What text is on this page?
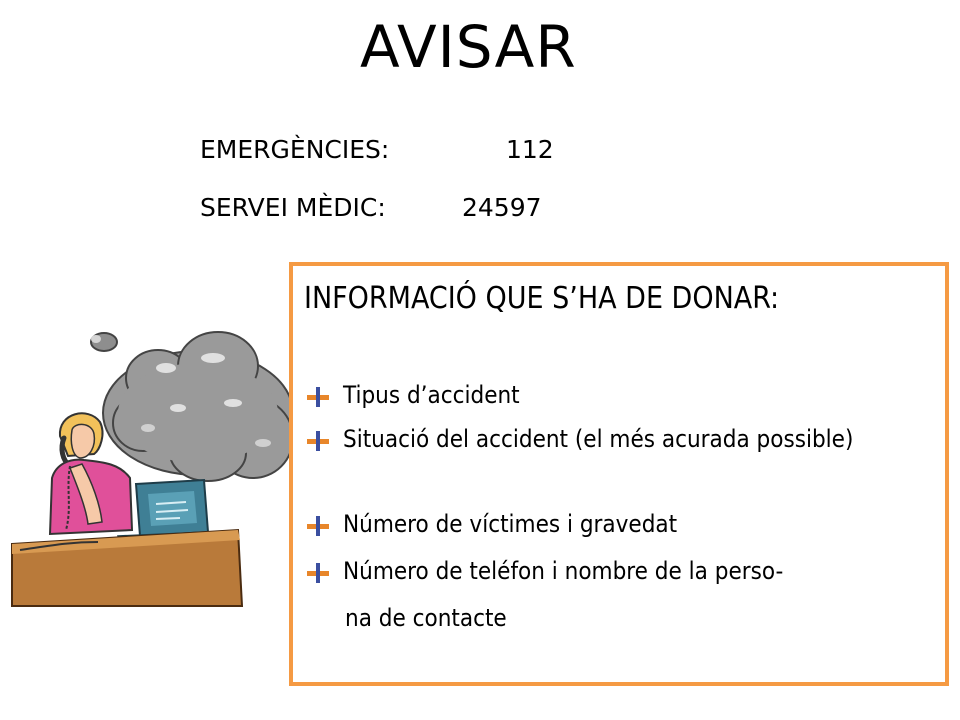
AVISAR
EMERGÈNCIES:	112
SERVEI MÈDIC:	24597
INFORMACIÓ QUE S’HA DE DONAR:
Tipus d’accident
Situació del accident (el més acurada possible)
Número de víctimes i gravedat
Número de teléfon i nombre de la perso-
na de contacte
